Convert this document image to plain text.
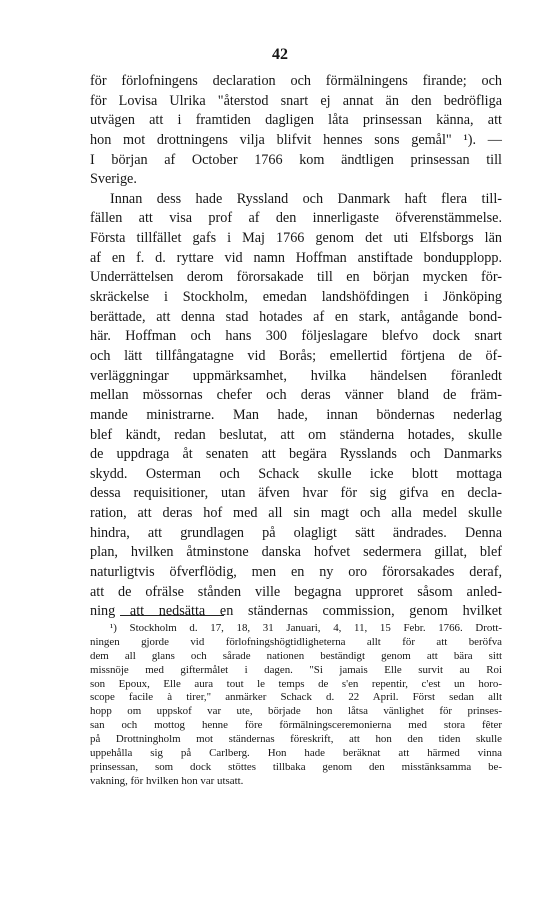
42
för förlofningens declaration och förmälningens firande; och
för Lovisa Ulrika "återstod snart ej annat än den bedröfliga
utvägen att i framtiden dagligen låta prinsessan känna, att
hon mot drottningens vilja blifvit hennes sons gemål" ¹). —
I början af October 1766 kom ändtligen prinsessan till
Sverige.
Innan dess hade Ryssland och Danmark haft flera till-
fällen att visa prof af den innerligaste öfverenstämmelse.
Första tillfället gafs i Maj 1766 genom det uti Elfsborgs län
af en f. d. ryttare vid namn Hoffman anstiftade bondupplopp.
Underrättelsen derom förorsakade till en början mycken för-
skräckelse i Stockholm, emedan landshöfdingen i Jönköping
berättade, att denna stad hotades af en stark, antågande bond-
här. Hoffman och hans 300 följeslagare blefvo dock snart
och lätt tillfångatagne vid Borås; emellertid förtjena de öf-
verläggningar uppmärksamhet, hvilka händelsen föranledt
mellan mössornas chefer och deras vänner bland de främ-
mande ministrarne. Man hade, innan böndernas nederlag
blef kändt, redan beslutat, att om ständerna hotades, skulle
de uppdraga åt senaten att begära Rysslands och Danmarks
skydd. Osterman och Schack skulle icke blott mottaga
dessa requisitioner, utan äfven hvar för sig gifva en decla-
ration, att deras hof med all sin magt och alla medel skulle
hindra, att grundlagen på olagligt sätt ändrades. Denna
plan, hvilken åtminstone danska hofvet sedermera gillat, blef
naturligtvis öfverflödig, men en ny oro förorsakades deraf,
att de ofrälse stånden ville begagna upproret såsom anled-
ning att nedsätta en ständernas commission, genom hvilket
¹) Stockholm d. 17, 18, 31 Januari, 4, 11, 15 Febr. 1766. Drott-
ningen gjorde vid förlofningshögtidligheterna allt för att beröfva
dem all glans och sårade nationen beständigt genom att bära sitt
missnöje med giftermålet i dagen. "Si jamais Elle survit au Roi
son Epoux, Elle aura tout le temps de s'en repentir, c'est un horo-
scope facile à tirer," anmärker Schack d. 22 April. Först sedan allt
hopp om uppskof var ute, började hon låtsa vänlighet för prinses-
san och mottog henne före förmälningsceremonierna med stora fêter
på Drottningholm mot ständernas föreskrift, att hon den tiden skulle
uppehålla sig på Carlberg. Hon hade beräknat att härmed vinna
prinsessan, som dock stöttes tillbaka genom den misstänksamma be-
vakning, för hvilken hon var utsatt.
